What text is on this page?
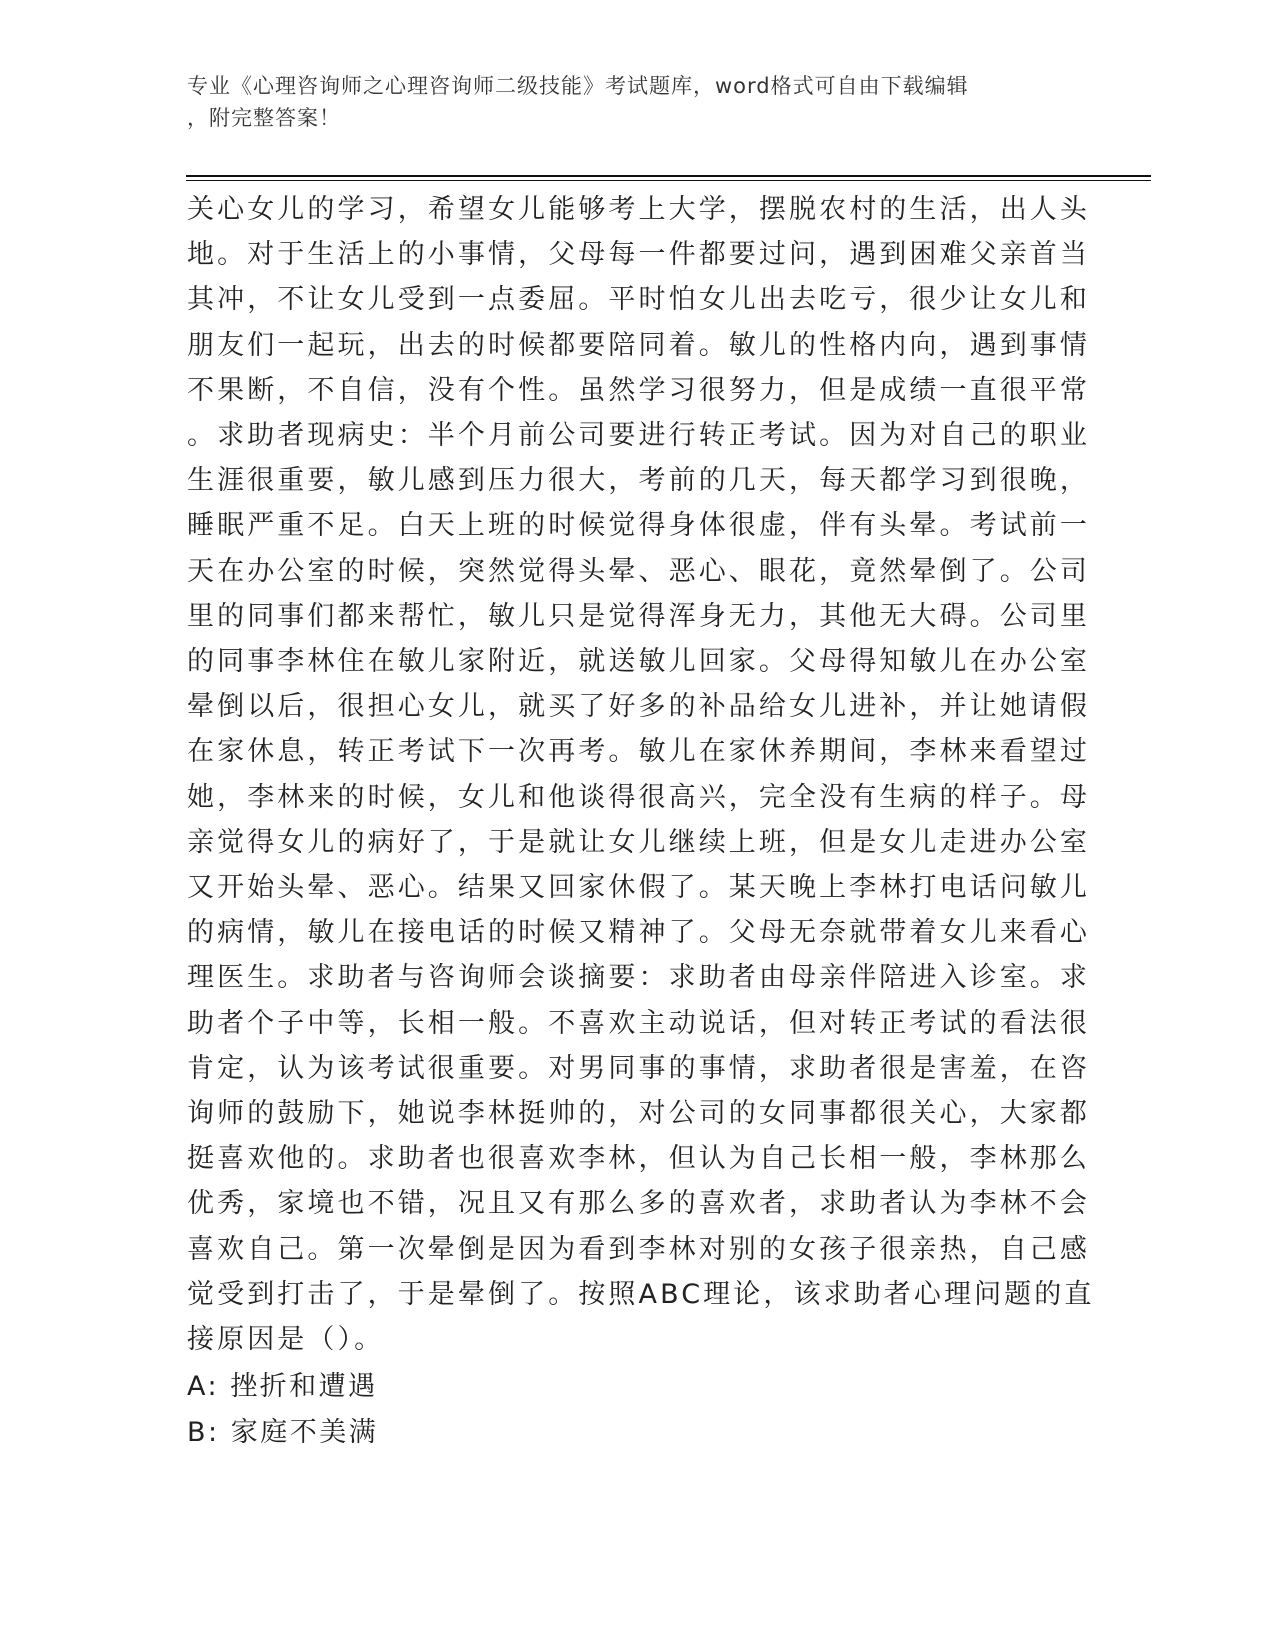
专业《心理咨询师之心理咨询师二级技能》考试题库，word格式可自由下载编辑
，附完整答案！
关心女儿的学习，希望女儿能够考上大学，摆脱农村的生活，出人头
地。对于生活上的小事情，父母每一件都要过问，遇到困难父亲首当
其冲，不让女儿受到一点委屈。平时怕女儿出去吃亏，很少让女儿和
朋友们一起玩，出去的时候都要陪同着。敏儿的性格内向，遇到事情
不果断，不自信，没有个性。虽然学习很努力，但是成绩一直很平常
。求助者现病史：半个月前公司要进行转正考试。因为对自己的职业
生涯很重要，敏儿感到压力很大，考前的几天，每天都学习到很晚，
睡眠严重不足。白天上班的时候觉得身体很虚，伴有头晕。考试前一
天在办公室的时候，突然觉得头晕、恶心、眼花，竟然晕倒了。公司
里的同事们都来帮忙，敏儿只是觉得浑身无力，其他无大碍。公司里
的同事李林住在敏儿家附近，就送敏儿回家。父母得知敏儿在办公室
晕倒以后，很担心女儿，就买了好多的补品给女儿进补，并让她请假
在家休息，转正考试下一次再考。敏儿在家休养期间，李林来看望过
她，李林来的时候，女儿和他谈得很高兴，完全没有生病的样子。母
亲觉得女儿的病好了，于是就让女儿继续上班，但是女儿走进办公室
又开始头晕、恶心。结果又回家休假了。某天晚上李林打电话问敏儿
的病情，敏儿在接电话的时候又精神了。父母无奈就带着女儿来看心
理医生。求助者与咨询师会谈摘要：求助者由母亲伴陪进入诊室。求
助者个子中等，长相一般。不喜欢主动说话，但对转正考试的看法很
肯定，认为该考试很重要。对男同事的事情，求助者很是害羞，在咨
询师的鼓励下，她说李林挺帅的，对公司的女同事都很关心，大家都
挺喜欢他的。求助者也很喜欢李林，但认为自己长相一般，李林那么
优秀，家境也不错，况且又有那么多的喜欢者，求助者认为李林不会
喜欢自己。第一次晕倒是因为看到李林对别的女孩子很亲热，自己感
觉受到打击了，于是晕倒了。按照ABC理论，该求助者心理问题的直
接原因是（）。
A: 挫折和遭遇
B: 家庭不美满
